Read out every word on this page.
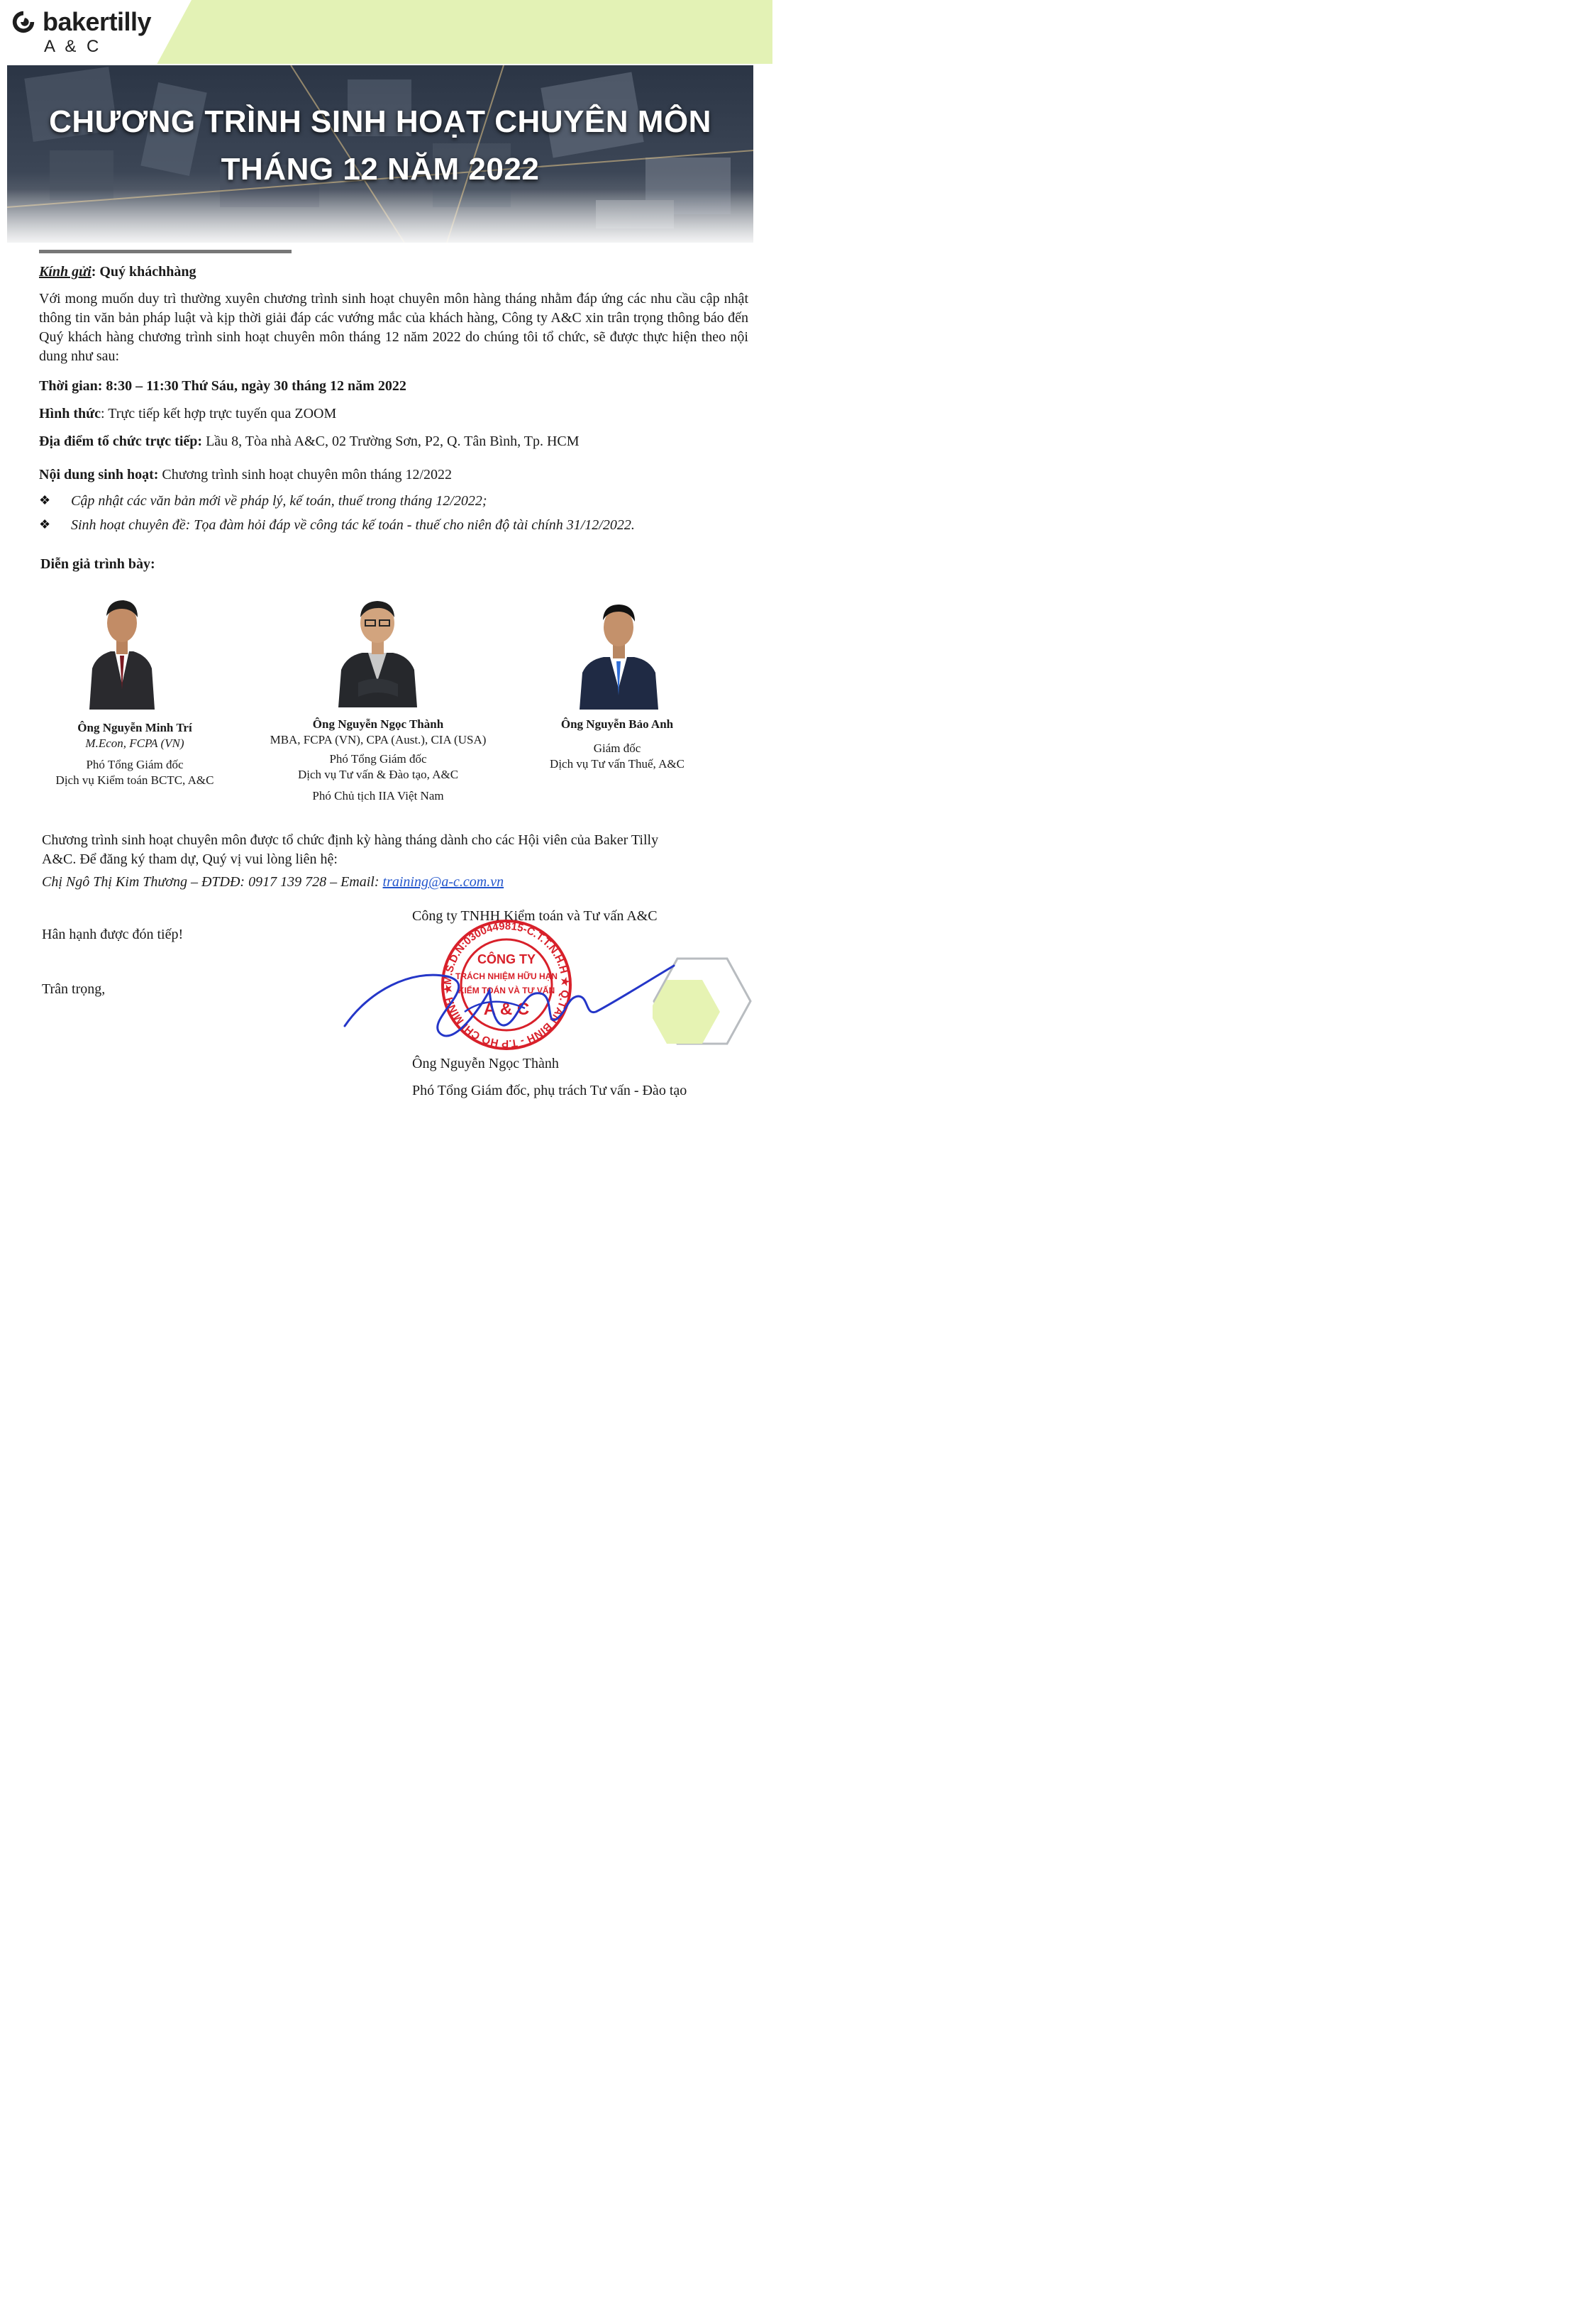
bakertilly
A & C
CHƯƠNG TRÌNH SINH HOẠT CHUYÊN MÔN
THÁNG 12 NĂM 2022
Kính gửi: Quý kháchhàng
Với mong muốn duy trì thường xuyên chương trình sinh hoạt chuyên môn hàng tháng nhằm đáp ứng các nhu cầu cập nhật thông tin văn bản pháp luật và kịp thời giải đáp các vướng mắc của khách hàng, Công ty A&C xin trân trọng thông báo đến Quý khách hàng chương trình sinh hoạt chuyên môn tháng 12 năm 2022 do chúng tôi tổ chức, sẽ được thực hiện theo nội dung như sau:
Thời gian: 8:30 – 11:30 Thứ Sáu, ngày 30 tháng 12 năm 2022
Hình thức: Trực tiếp kết hợp trực tuyến qua ZOOM
Địa điểm tổ chức trực tiếp: Lầu 8, Tòa nhà A&C, 02 Trường Sơn, P2, Q. Tân Bình, Tp. HCM
Nội dung sinh hoạt: Chương trình sinh hoạt chuyên môn tháng 12/2022
❖ Cập nhật các văn bản mới về pháp lý, kế toán, thuế trong tháng 12/2022;
❖ Sinh hoạt chuyên đề: Tọa đàm hỏi đáp về công tác kế toán - thuế cho niên độ tài chính 31/12/2022.
Diễn giả trình bày:
Ông Nguyễn Minh Trí
M.Econ, FCPA (VN)
Phó Tổng Giám đốc
Dịch vụ Kiểm toán BCTC, A&C
Ông Nguyễn Ngọc Thành
MBA, FCPA (VN), CPA (Aust.), CIA (USA)
Phó Tổng Giám đốc
Dịch vụ Tư vấn & Đào tạo, A&C
Phó Chủ tịch IIA Việt Nam
Ông Nguyễn Bảo Anh
Giám đốc
Dịch vụ Tư vấn Thuế, A&C
Chương trình sinh hoạt chuyên môn được tổ chức định kỳ hàng tháng dành cho các Hội viên của Baker Tilly
A&C. Để đăng ký tham dự, Quý vị vui lòng liên hệ:
Chị Ngô Thị Kim Thương – ĐTDĐ: 0917 139 728 – Email: training@a-c.com.vn
Công ty TNHH Kiểm toán và Tư vấn A&C
Hân hạnh được đón tiếp!
Trân trọng,
M.S.D.N:0300449815-C.T.T.N.H.H ★ Q.TÂN BÌNH - T.P HỒ CHÍ MINH ★
CÔNG TY
TRÁCH NHIỆM HỮU HẠN
KIỂM TOÁN VÀ TƯ VẤN
A & C
Ông Nguyễn Ngọc Thành
Phó Tổng Giám đốc, phụ trách Tư vấn - Đào tạo
